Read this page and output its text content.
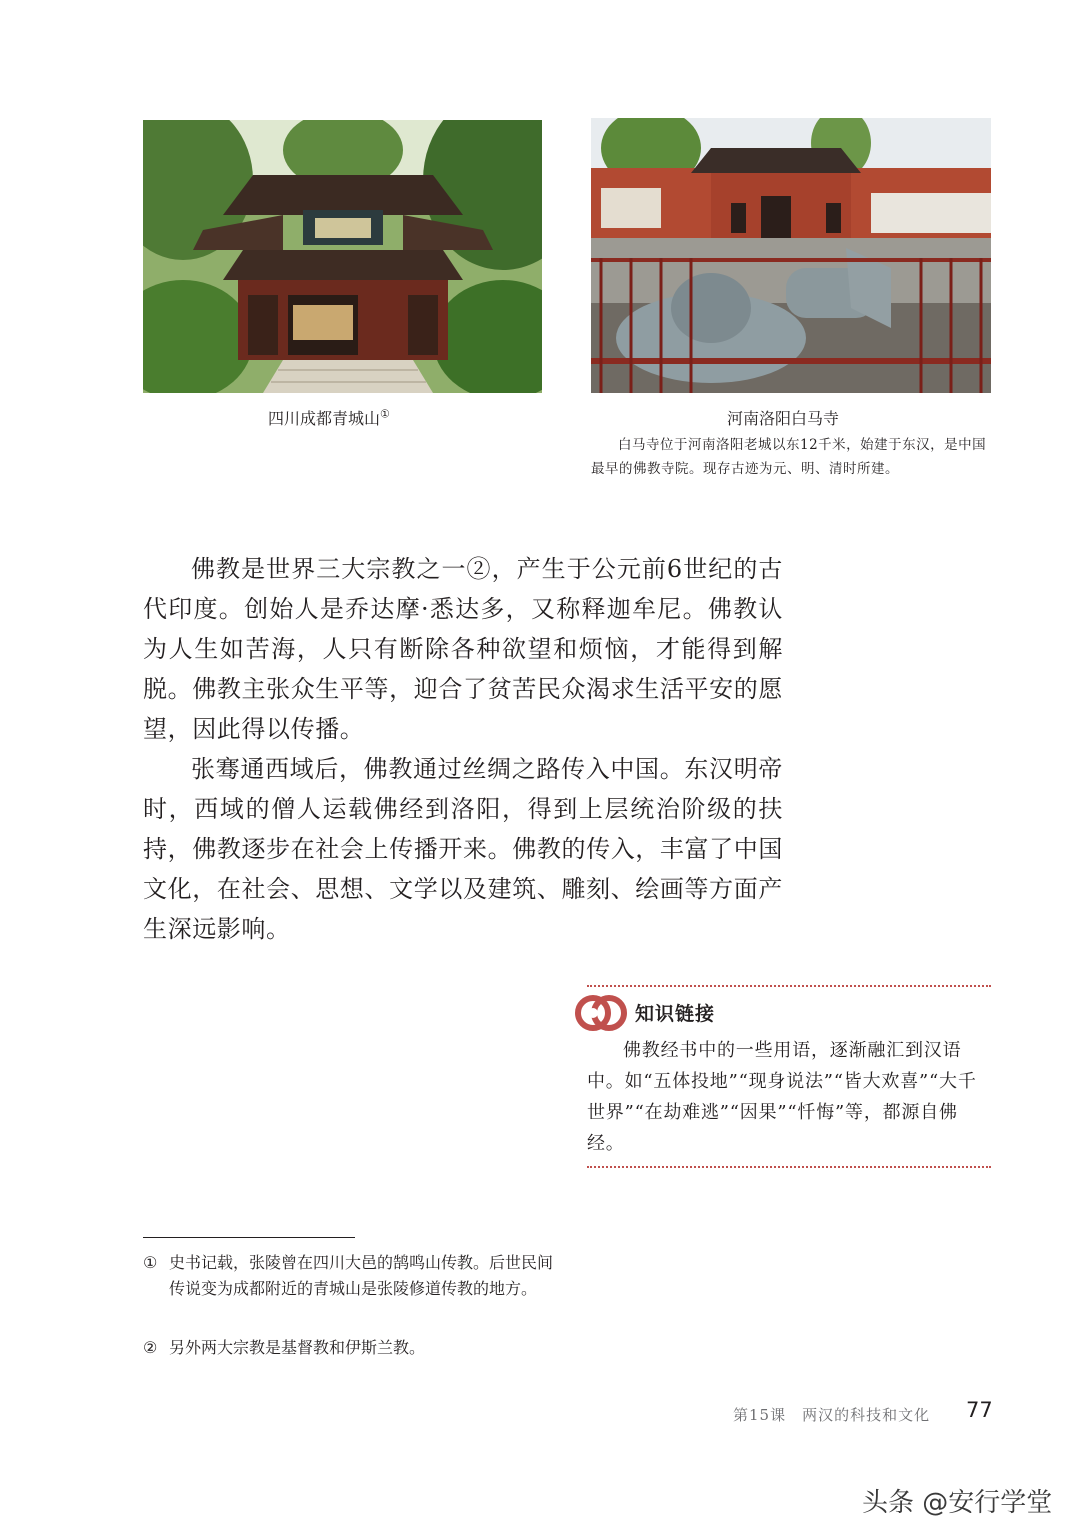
四川成都青城山①	河南洛阳白马寺
白马寺位于河南洛阳老城以东12千米，始建于东汉，是中国最早的佛教寺院。现存古迹为元、明、清时所建。

佛教是世界三大宗教之一②，产生于公元前6世纪的古代印度。创始人是乔达摩·悉达多，又称释迦牟尼。佛教认为人生如苦海，人只有断除各种欲望和烦恼，才能得到解脱。佛教主张众生平等，迎合了贫苦民众渴求生活平安的愿望，因此得以传播。

张骞通西域后，佛教通过丝绸之路传入中国。东汉明帝时，西域的僧人运载佛经到洛阳，得到上层统治阶级的扶持，佛教逐步在社会上传播开来。佛教的传入，丰富了中国文化，在社会、思想、文学以及建筑、雕刻、绘画等方面产生深远影响。

知识链接
佛教经书中的一些用语，逐渐融汇到汉语中。如“五体投地”“现身说法”“皆大欢喜”“大千世界”“在劫难逃”“因果”“忏悔”等，都源自佛经。
① 史书记载，张陵曾在四川大邑的鹄鸣山传教。后世民间传说变为成都附近的青城山是张陵修道传教的地方。
② 另外两大宗教是基督教和伊斯兰教。
第15课　两汉的科技和文化 77
头条 @安行学堂
